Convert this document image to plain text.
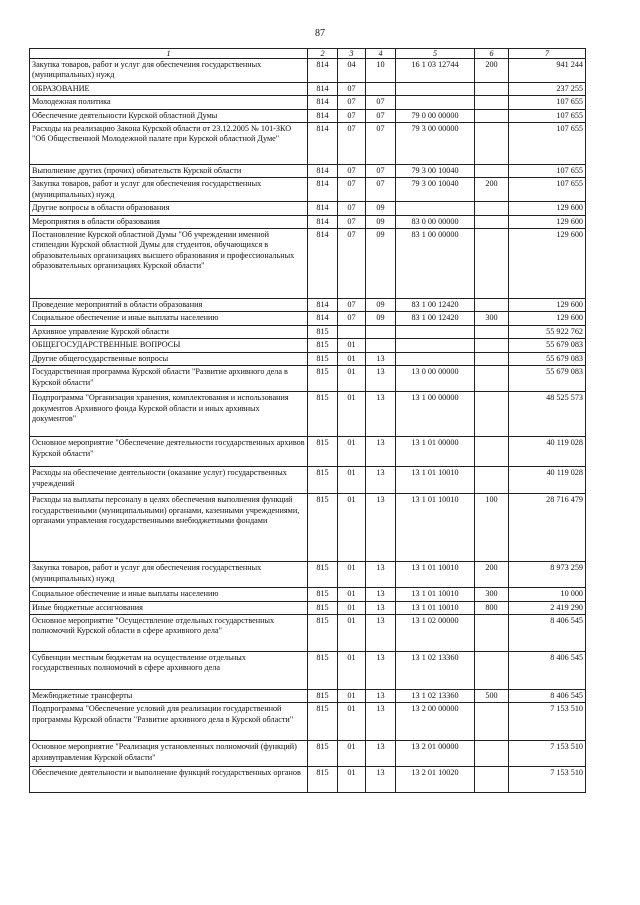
87
1	2	3	4	5	6	7
Закупка товаров, работ и услуг для обеспечения государственных (муниципальных) нужд	814	04	10	16 1 03 12744	200	941 244
ОБРАЗОВАНИЕ	814	07				237 255
Молодежная политика	814	07	07			107 655
Обеспечение деятельности Курской областной Думы	814	07	07	79 0 00 00000		107 655
Расходы на реализацию Закона Курской области от 23.12.2005 № 101-ЗКО "Об Общественной Молодежной палате при Курской областной Думе"	814	07	07	79 3 00 00000		107 655
Выполнение других (прочих) обязательств Курской области	814	07	07	79 3 00 10040		107 655
Закупка товаров, работ и услуг для обеспечения государственных (муниципальных) нужд	814	07	07	79 3 00 10040	200	107 655
Другие вопросы в области образования	814	07	09			129 600
Мероприятия в области образования	814	07	09	83 0 00 00000		129 600
Постановление Курской областной Думы "Об учреждении именной стипендии Курской областной Думы для студентов, обучающихся в образовательных организациях высшего образования и профессиональных образовательных организациях Курской области"	814	07	09	83 1 00 00000		129 600
Проведение мероприятий в области образования	814	07	09	83 1 00 12420		129 600
Социальное обеспечение и иные выплаты населению	814	07	09	83 1 00 12420	300	129 600
Архивное управление Курской области	815					55 922 762
ОБЩЕГОСУДАРСТВЕННЫЕ ВОПРОСЫ	815	01				55 679 083
Другие общегосударственные вопросы	815	01	13			55 679 083
Государственная программа Курской области "Развитие архивного дела в Курской области"	815	01	13	13 0 00 00000		55 679 083
Подпрограмма "Организация хранения, комплектования и использования документов Архивного фонда Курской области и иных архивных документов"	815	01	13	13 1 00 00000		48 525 573
Основное мероприятие "Обеспечение деятельности государственных архивов Курской области"	815	01	13	13 1 01 00000		40 119 028
Расходы на обеспечение деятельности (оказание услуг) государственных учреждений	815	01	13	13 1 01 10010		40 119 028
Расходы на выплаты персоналу в целях обеспечения выполнения функций государственными (муниципальными) органами, казенными учреждениями, органами управления государственными внебюджетными фондами	815	01	13	13 1 01 10010	100	28 716 479
Закупка товаров, работ и услуг для обеспечения государственных (муниципальных) нужд	815	01	13	13 1 01 10010	200	8 973 259
Социальное обеспечение и иные выплаты населению	815	01	13	13 1 01 10010	300	10 000
Иные бюджетные ассигнования	815	01	13	13 1 01 10010	800	2 419 290
Основное мероприятие "Осуществление отдельных государственных полномочий Курской области в сфере архивного дела"	815	01	13	13 1 02 00000		8 406 545
Субвенции местным бюджетам на осуществление отдельных государственных полномочий в сфере архивного дела	815	01	13	13 1 02 13360		8 406 545
Межбюджетные трансферты	815	01	13	13 1 02 13360	500	8 406 545
Подпрограмма "Обеспечение условий для реализации государственной программы Курской области "Развитие архивного дела в Курской области"	815	01	13	13 2 00 00000		7 153 510
Основное мероприятие "Реализация установленных полномочий (функций) архивуправления Курской области"	815	01	13	13 2 01 00000		7 153 510
Обеспечение деятельности и выполнение функций государственных органов	815	01	13	13 2 01 10020		7 153 510
